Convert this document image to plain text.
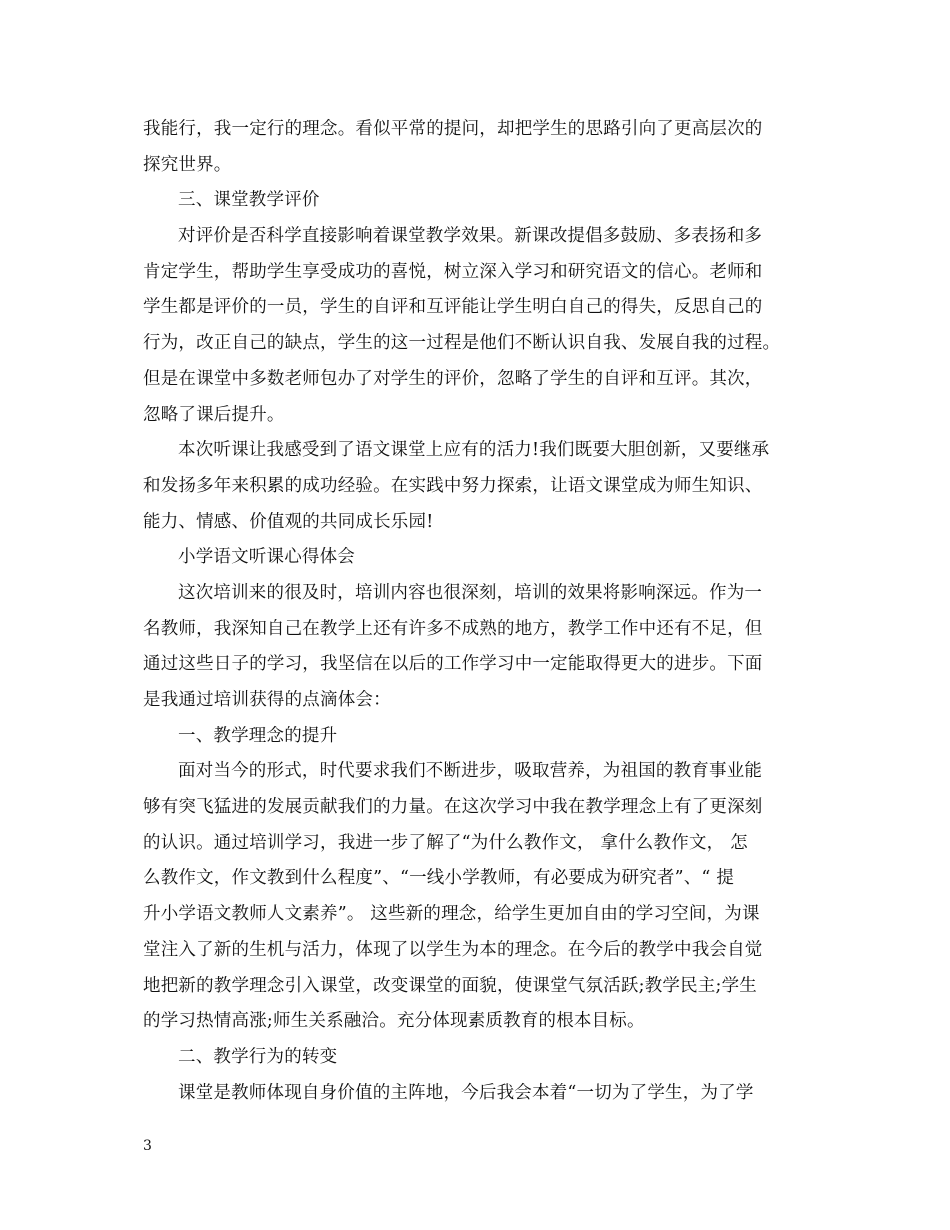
我能行，我一定行的理念。看似平常的提问，却把学生的思路引向了更高层次的
探究世界。
三、课堂教学评价
对评价是否科学直接影响着课堂教学效果。新课改提倡多鼓励、多表扬和多
肯定学生，帮助学生享受成功的喜悦，树立深入学习和研究语文的信心。老师和
学生都是评价的一员，学生的自评和互评能让学生明白自己的得失，反思自己的
行为，改正自己的缺点，学生的这一过程是他们不断认识自我、发展自我的过程。
但是在课堂中多数老师包办了对学生的评价，忽略了学生的自评和互评。其次，
忽略了课后提升。
本次听课让我感受到了语文课堂上应有的活力!我们既要大胆创新，又要继承
和发扬多年来积累的成功经验。在实践中努力探索，让语文课堂成为师生知识、
能力、情感、价值观的共同成长乐园!
小学语文听课心得体会
这次培训来的很及时，培训内容也很深刻，培训的效果将影响深远。作为一
名教师，我深知自己在教学上还有许多不成熟的地方，教学工作中还有不足，但
通过这些日子的学习，我坚信在以后的工作学习中一定能取得更大的进步。下面
是我通过培训获得的点滴体会：
一、教学理念的提升
面对当今的形式，时代要求我们不断进步，吸取营养，为祖国的教育事业能
够有突飞猛进的发展贡献我们的力量。在这次学习中我在教学理念上有了更深刻
的认识。通过培训学习，我进一步了解了“为什么教作文， 拿什么教作文， 怎
么教作文，作文教到什么程度”、“一线小学教师，有必要成为研究者”、“ 提
升小学语文教师人文素养”。 这些新的理念，给学生更加自由的学习空间，为课
堂注入了新的生机与活力，体现了以学生为本的理念。在今后的教学中我会自觉
地把新的教学理念引入课堂，改变课堂的面貌，使课堂气氛活跃;教学民主;学生
的学习热情高涨;师生关系融洽。充分体现素质教育的根本目标。
二、教学行为的转变
课堂是教师体现自身价值的主阵地，今后我会本着“一切为了学生，为了学
3
